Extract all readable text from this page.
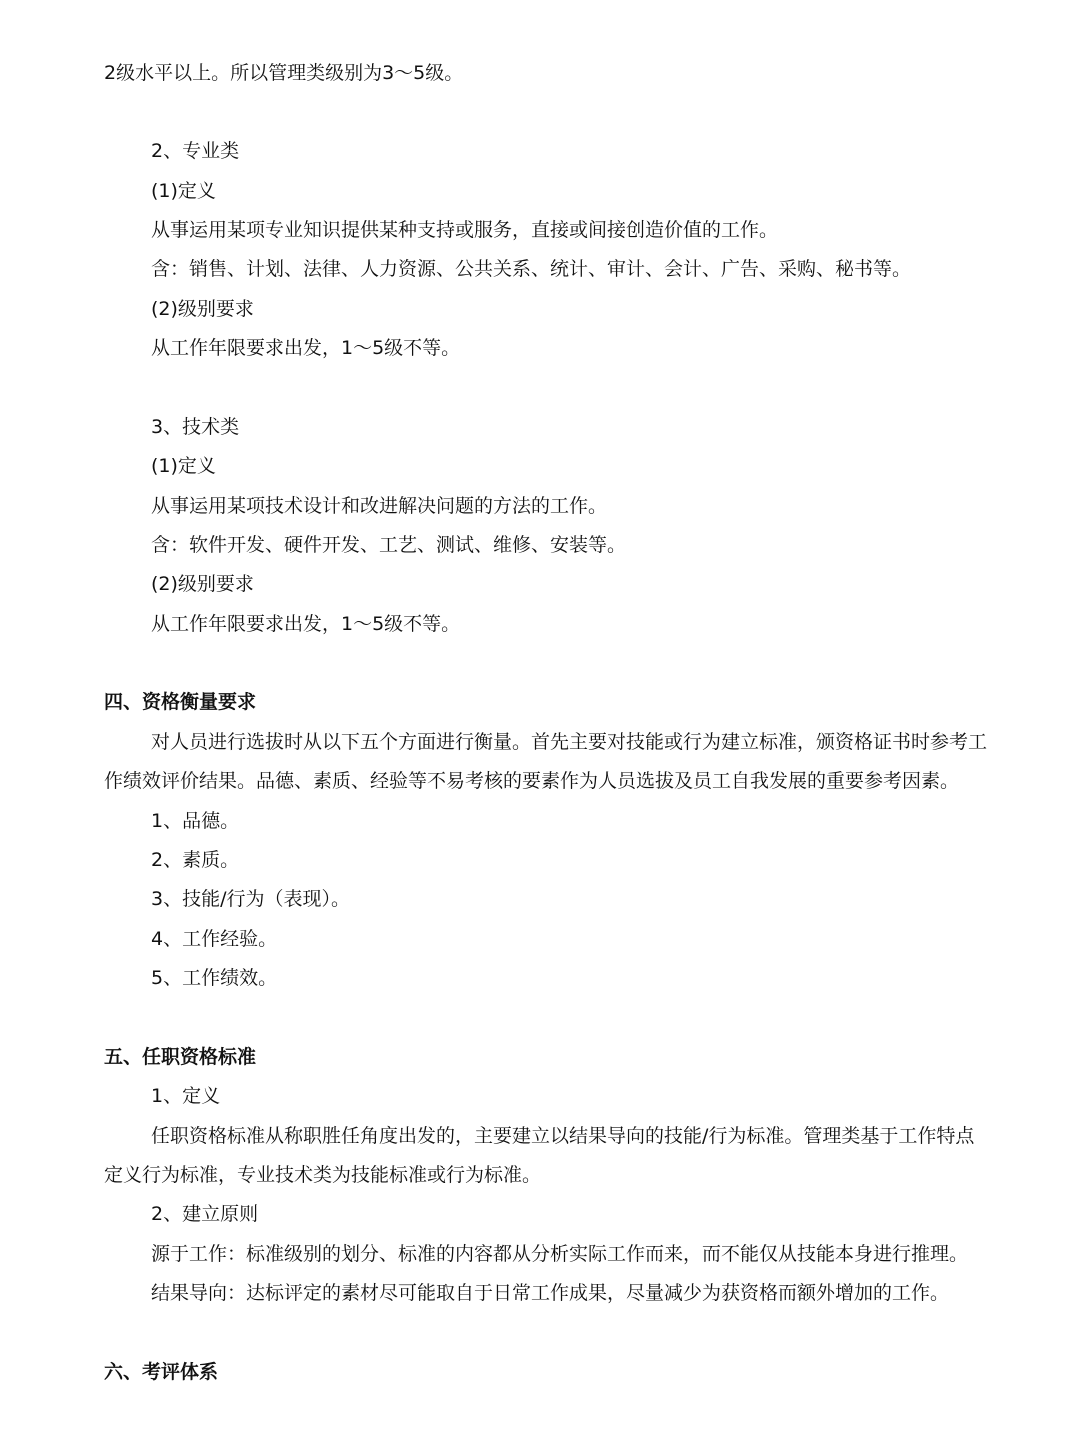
2级水平以上。所以管理类级别为3～5级。

2、专业类

(1)定义

从事运用某项专业知识提供某种支持或服务，直接或间接创造价值的工作。

含：销售、计划、法律、人力资源、公共关系、统计、审计、会计、广告、采购、秘书等。

(2)级别要求

从工作年限要求出发，1～5级不等。

3、技术类

(1)定义

从事运用某项技术设计和改进解决问题的方法的工作。

含：软件开发、硬件开发、工艺、测试、维修、安装等。

(2)级别要求

从工作年限要求出发，1～5级不等。

四、资格衡量要求

对人员进行选拔时从以下五个方面进行衡量。首先主要对技能或行为建立标准，颁资格证书时参考工

作绩效评价结果。品德、素质、经验等不易考核的要素作为人员选拔及员工自我发展的重要参考因素。

1、品德。

2、素质。

3、技能/行为（表现）。

4、工作经验。

5、工作绩效。

五、任职资格标准

1、定义

任职资格标准从称职胜任角度出发的，主要建立以结果导向的技能/行为标准。管理类基于工作特点

定义行为标准，专业技术类为技能标准或行为标准。

2、建立原则

源于工作：标准级别的划分、标准的内容都从分析实际工作而来，而不能仅从技能本身进行推理。

结果导向：达标评定的素材尽可能取自于日常工作成果，尽量减少为获资格而额外增加的工作。

六、考评体系
